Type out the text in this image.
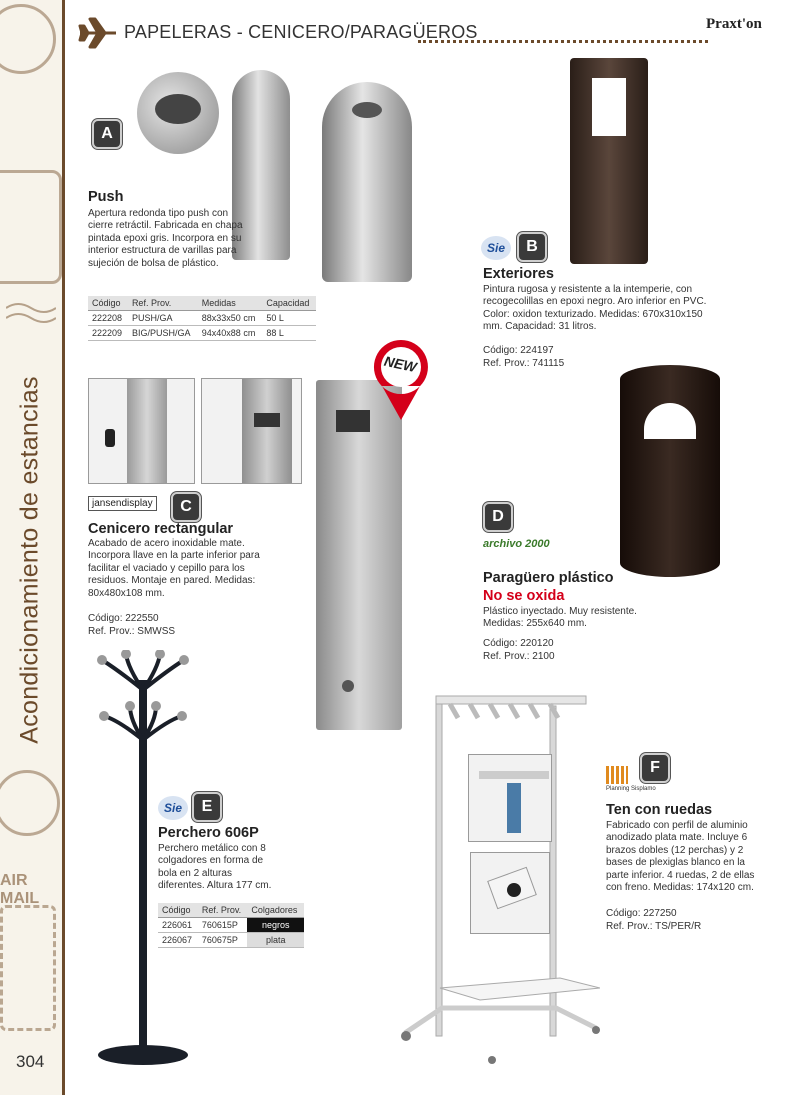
AIR MAIL
Acondicionamiento de estancias
304
PAPELERAS - CENICERO/PARAGÜEROS	Praxt'on
A
Push
Apertura redonda tipo push con cierre retráctil. Fabricada en chapa pintada epoxi gris. Incorpora en su interior estructura de varillas para sujeción de bolsa de plástico.
Código	Ref. Prov.	Medidas	Capacidad
222208	PUSH/GA	88x33x50 cm	50 L
222209	BIG/PUSH/GA	94x40x88 cm	88 L
Sie	B
Exteriores
Pintura rugosa y resistente a la intemperie, con recogecolillas en epoxi negro. Aro inferior en PVC. Color: oxidon texturizado. Medidas: 670x310x150 mm. Capacidad: 31 litros.
Código: 224197
Ref. Prov.: 741115
jansendisplay	C
Cenicero rectangular
Acabado de acero inoxidable mate. Incorpora llave en la parte inferior para facilitar el vaciado y cepillo para los residuos. Montaje en pared. Medidas: 80x480x108 mm.
Código: 222550
Ref. Prov.: SMWSS
NEW
D
archivo 2000
Paragüero plástico
No se oxida
Plástico inyectado. Muy resistente. Medidas: 255x640 mm.
Código: 220120
Ref. Prov.: 2100
Sie	E
Perchero 606P
Perchero metálico con 8 colgadores en forma de bola en 2 alturas diferentes. Altura 177 cm.
Código	Ref. Prov.	Colgadores
226061	760615P	negros
226067	760675P	plata
Planning Sisplamo
F
Ten con ruedas
Fabricado con perfil de aluminio anodizado plata mate. Incluye 6 brazos dobles (12 perchas) y 2 bases de plexiglas blanco en la parte inferior. 4 ruedas, 2 de ellas con freno. Medidas: 174x120 cm.
Código: 227250
Ref. Prov.: TS/PER/R
